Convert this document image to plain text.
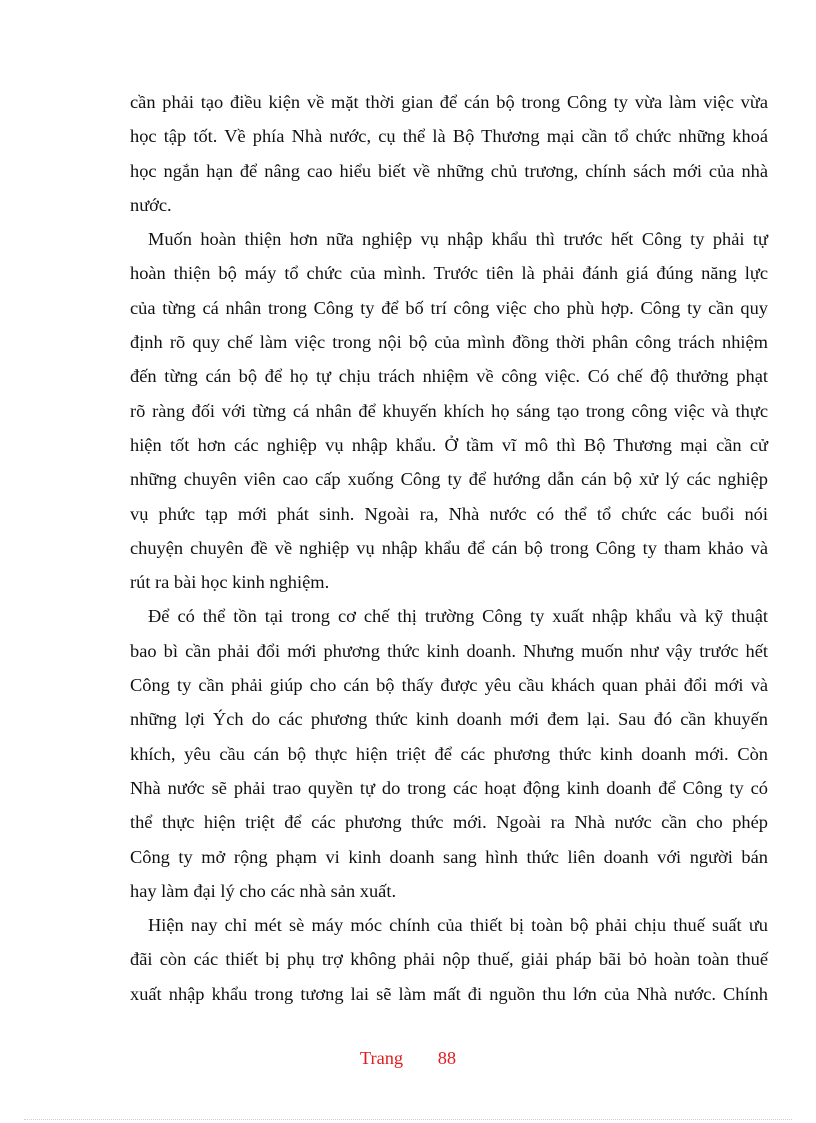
cần phải tạo điều kiện về mặt thời gian để cán bộ trong Công ty vừa làm việc vừa
học tập tốt. Về phía Nhà nước, cụ thể là Bộ Thương mại cần tổ chức những khoá
học ngắn hạn để nâng cao hiểu biết về những chủ trương, chính sách mới của nhà
nước.
Muốn hoàn thiện hơn nữa nghiệp vụ nhập khẩu thì trước hết Công ty phải tự
hoàn thiện bộ máy tổ chức của mình. Trước tiên là phải đánh giá đúng năng lực
của từng cá nhân trong Công ty để bố trí công việc cho phù hợp. Công ty cần quy
định rõ quy chế làm việc trong nội bộ của mình đồng thời phân công trách nhiệm
đến từng cán bộ để họ tự chịu trách nhiệm về công việc. Có chế độ thưởng phạt
rõ ràng đối với từng cá nhân để khuyến khích họ sáng tạo trong công việc và thực
hiện tốt hơn các nghiệp vụ nhập khẩu. Ở tầm vĩ mô thì Bộ Thương mại cần cử
những chuyên viên cao cấp xuống Công ty để hướng dẫn cán bộ xử lý các nghiệp
vụ phức tạp mới phát sinh. Ngoài ra, Nhà nước có thể tổ chức các buổi nói
chuyện chuyên đề về nghiệp vụ nhập khẩu để cán bộ trong Công ty tham khảo và
rút ra bài học kinh nghiệm.
Để có thể tồn tại trong cơ chế thị trường Công ty xuất nhập khẩu và kỹ thuật
bao bì cần phải đổi mới phương thức kinh doanh. Nhưng muốn như vậy trước hết
Công ty cần phải giúp cho cán bộ thấy được yêu cầu khách quan phải đổi mới và
những lợi Ých do các phương thức kinh doanh mới đem lại. Sau đó cần khuyến
khích, yêu cầu cán bộ thực hiện triệt để các phương thức kinh doanh mới. Còn
Nhà nước sẽ phải trao quyền tự do trong các hoạt động kinh doanh để Công ty có
thể thực hiện triệt để các phương thức mới. Ngoài ra Nhà nước cần cho phép
Công ty mở rộng phạm vi kinh doanh sang hình thức liên doanh với người bán
hay làm đại lý cho các nhà sản xuất.
Hiện nay chỉ mét sè máy móc chính của thiết bị toàn bộ phải chịu thuế suất ưu
đãi còn các thiết bị phụ trợ không phải nộp thuế, giải pháp bãi bỏ hoàn toàn thuế
xuất nhập khẩu trong tương lai sẽ làm mất đi nguồn thu lớn của Nhà nước. Chính
Trang 88
